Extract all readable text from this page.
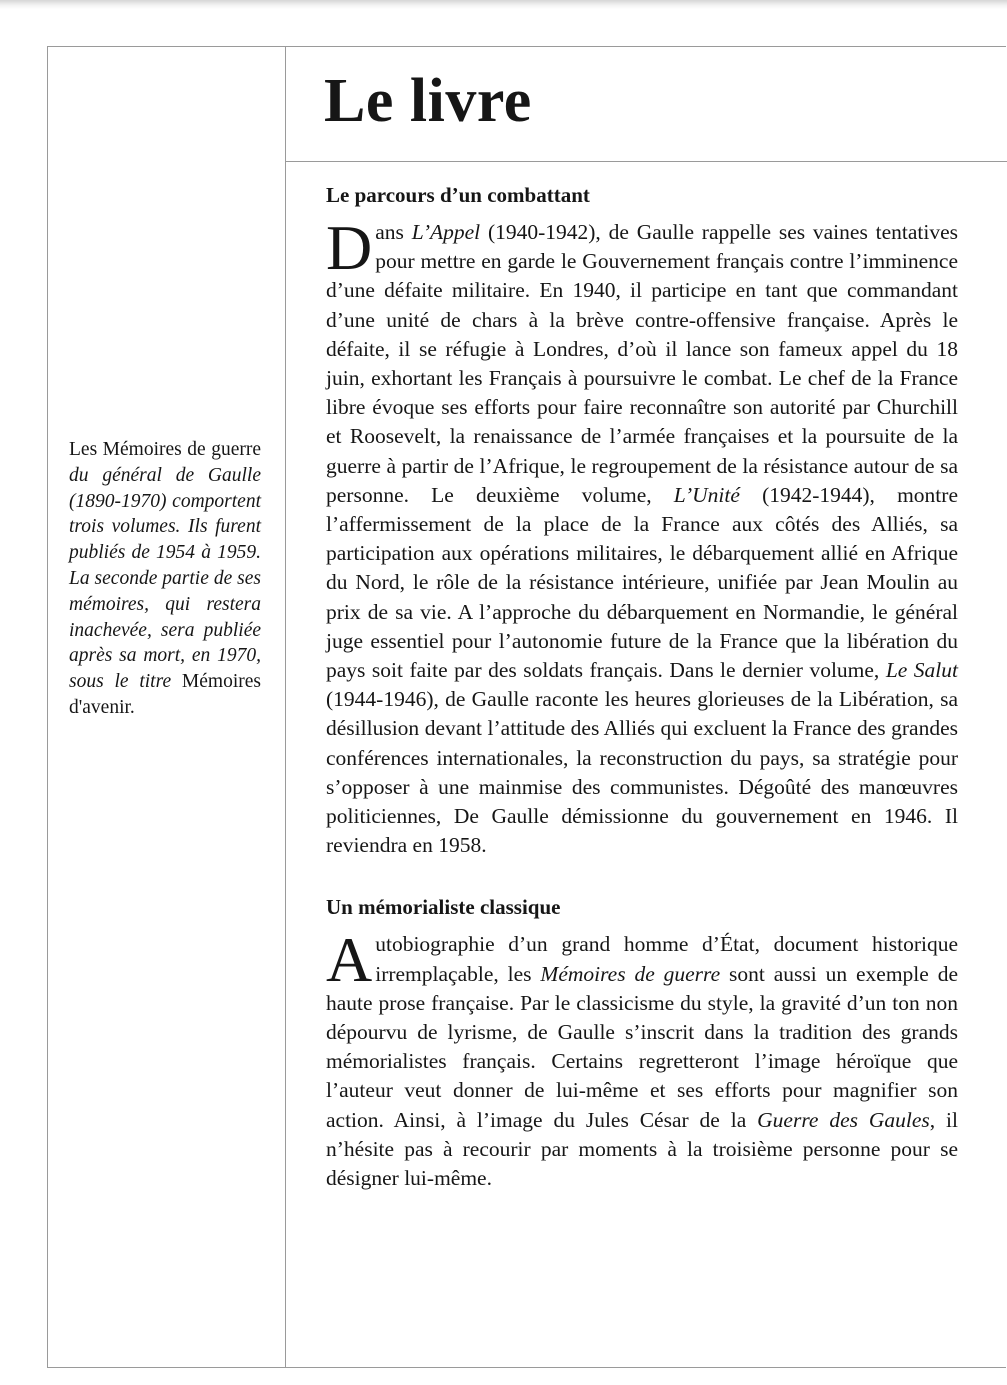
Le livre
Les Mémoires de guerre du général de Gaulle (1890-1970) comportent trois volumes. Ils furent publiés de 1954 à 1959. La seconde partie de ses mémoires, qui restera inachevée, sera publiée après sa mort, en 1970, sous le titre Mémoires d'avenir.
Le parcours d’un combattant

Dans L’Appel (1940-1942), de Gaulle rappelle ses vaines tentatives pour mettre en garde le Gouvernement français contre l’imminence d’une défaite militaire. En 1940, il participe en tant que commandant d’une unité de chars à la brève contre-offensive française. Après le défaite, il se réfugie à Londres, d’où il lance son fameux appel du 18 juin, exhortant les Français à poursuivre le combat. Le chef de la France libre évoque ses efforts pour faire reconnaître son autorité par Churchill et Roosevelt, la renaissance de l’armée françaises et la poursuite de la guerre à partir de l’Afrique, le regroupement de la résistance autour de sa personne. Le deuxième volume, L’Unité (1942-1944), montre l’affermissement de la place de la France aux côtés des Alliés, sa participation aux opérations militaires, le débarquement allié en Afrique du Nord, le rôle de la résistance intérieure, unifiée par Jean Moulin au prix de sa vie. A l’approche du débarquement en Normandie, le général juge essentiel pour l’autonomie future de la France que la libération du pays soit faite par des soldats français. Dans le dernier volume, Le Salut (1944-1946), de Gaulle raconte les heures glorieuses de la Libération, sa désillusion devant l’attitude des Alliés qui excluent la France des grandes conférences internationales, la reconstruction du pays, sa stratégie pour s’opposer à une mainmise des communistes. Dégoûté des manœuvres politiciennes, De Gaulle démissionne du gouvernement en 1946. Il reviendra en 1958.

Un mémorialiste classique

Autobiographie d’un grand homme d’État, document historique irremplaçable, les Mémoires de guerre sont aussi un exemple de haute prose française. Par le classicisme du style, la gravité d’un ton non dépourvu de lyrisme, de Gaulle s’inscrit dans la tradition des grands mémorialistes français. Certains regretteront l’image héroïque que l’auteur veut donner de lui-même et ses efforts pour magnifier son action. Ainsi, à l’image du Jules César de la Guerre des Gaules, il n’hésite pas à recourir par moments à la troisième personne pour se désigner lui-même.
